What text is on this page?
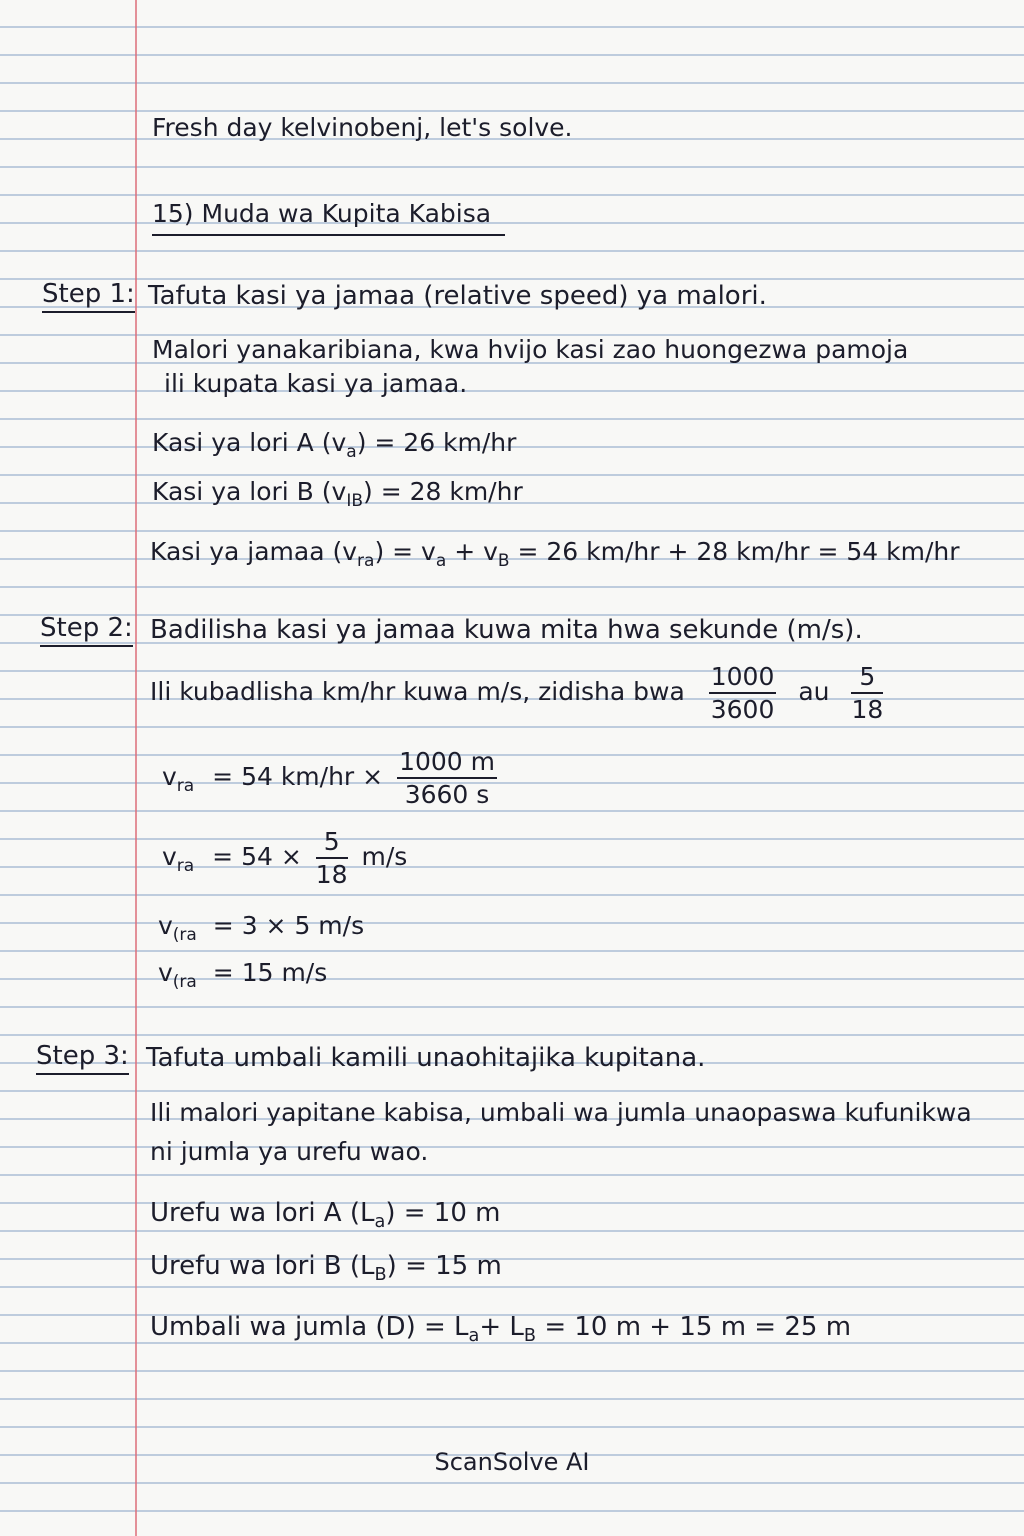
Fresh day kelvinobenj, let's solve.
15) Muda wa Kupita Kabisa
Step 1: Tafuta kasi ya jamaa (relative speed) ya malori.
Malori yanakaribiana, kwa hvijo kasi zao huongezwa pamoja
ili kupata kasi ya jamaa.
Kasi ya lori A $(v_a) = 26$ km/hr
Kasi ya lori B $(v_{IB}) = 28$ km/hr
Kasi ya jamaa $(v_{ra}) = v_a + v_B = 26$ km/hr + 28 km/hr = 54 km/hr
Step 2: Badilisha kasi ya jamaa kuwa mita hwa sekunde (m/s).
Ili kubadlisha km/hr kuwa m/s, zidisha bwa $\frac{1000}{3600}$ au $\frac{5}{18}$
$v_{ra} = 54$ $km/hr \times \frac{1000 m}{3660 s}$
$v_{ra} = 54 \times \frac{5}{18} m/s$
$v_{(ra} = 3 \times 5$ m/s
$v_{(ra} = 15$ m/s
Step 3: Tafuta umbali kamili unaohitajika kupitana.
Ili malori yapitane kabisa, umbali wa jumla unaopaswa kufunikwa
ni jumla ya urefu wao.
Urefu wa lori A $(L_a) = 10$ m
Urefu wa lori B $(L_B) = 15$ m
Umbali wa jumla $(D) = L_a+ L_B = 10$ m + 15 m = 25 m
ScanSolve AI
